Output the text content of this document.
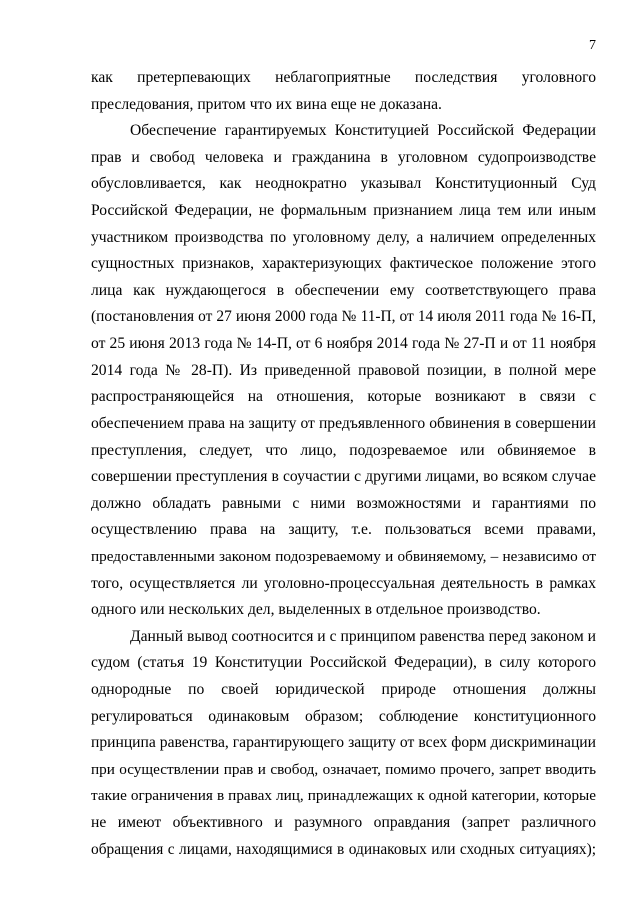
7
как претерпевающих неблагоприятные последствия уголовного
преследования, притом что их вина еще не доказана.
Обеспечение гарантируемых Конституцией Российской Федерации
прав и свобод человека и гражданина в уголовном судопроизводстве
обусловливается, как неоднократно указывал Конституционный Суд
Российской Федерации, не формальным признанием лица тем или иным
участником производства по уголовному делу, а наличием определенных
сущностных признаков, характеризующих фактическое положение этого
лица как нуждающегося в обеспечении ему соответствующего права
(постановления от 27 июня 2000 года № 11-П, от 14 июля 2011 года № 16-П,
от 25 июня 2013 года № 14-П, от 6 ноября 2014 года № 27-П и от 11 ноября
2014 года № 28-П). Из приведенной правовой позиции, в полной мере
распространяющейся на отношения, которые возникают в связи с
обеспечением права на защиту от предъявленного обвинения в совершении
преступления, следует, что лицо, подозреваемое или обвиняемое в
совершении преступления в соучастии с другими лицами, во всяком случае
должно обладать равными с ними возможностями и гарантиями по
осуществлению права на защиту, т.е. пользоваться всеми правами,
предоставленными законом подозреваемому и обвиняемому, – независимо от
того, осуществляется ли уголовно-процессуальная деятельность в рамках
одного или нескольких дел, выделенных в отдельное производство.
Данный вывод соотносится и с принципом равенства перед законом и
судом (статья 19 Конституции Российской Федерации), в силу которого
однородные по своей юридической природе отношения должны
регулироваться одинаковым образом; соблюдение конституционного
принципа равенства, гарантирующего защиту от всех форм дискриминации
при осуществлении прав и свобод, означает, помимо прочего, запрет вводить
такие ограничения в правах лиц, принадлежащих к одной категории, которые
не имеют объективного и разумного оправдания (запрет различного
обращения с лицами, находящимися в одинаковых или сходных ситуациях);
